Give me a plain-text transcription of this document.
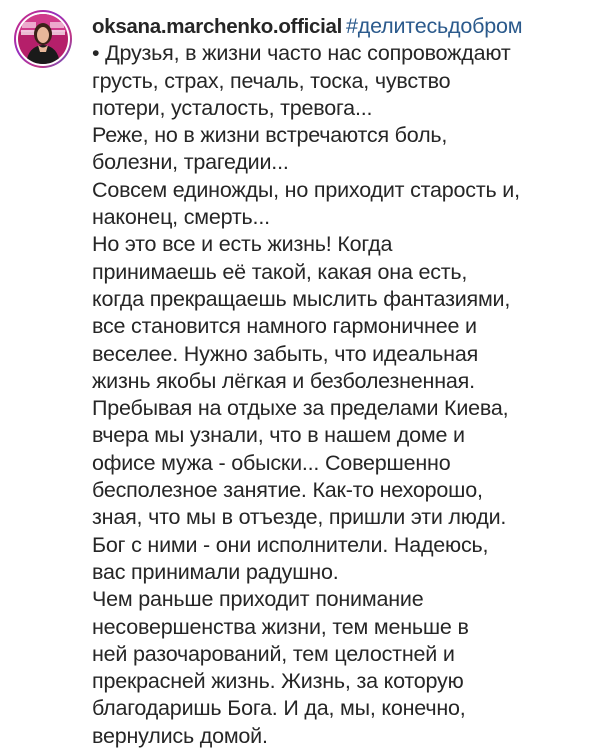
oksana.marchenko.official #делитесьдобром
• Друзья, в жизни часто нас сопровождают
грусть, страх, печаль, тоска, чувство
потери, усталость, тревога...
Реже, но в жизни встречаются боль,
болезни, трагедии...
Совсем единожды, но приходит старость и,
наконец, смерть...
Но это все и есть жизнь! Когда
принимаешь её такой, какая она есть,
когда прекращаешь мыслить фантазиями,
все становится намного гармоничнее и
веселее. Нужно забыть, что идеальная
жизнь якобы лёгкая и безболезненная.
Пребывая на отдыхе за пределами Киева,
вчера мы узнали, что в нашем доме и
офисе мужа - обыски... Совершенно
бесполезное занятие. Как-то нехорошо,
зная, что мы в отъезде, пришли эти люди.
Бог с ними - они исполнители. Надеюсь,
вас принимали радушно.
Чем раньше приходит понимание
несовершенства жизни, тем меньше в
ней разочарований, тем целостней и
прекрасней жизнь. Жизнь, за которую
благодаришь Бога. И да, мы, конечно,
вернулись домой.
